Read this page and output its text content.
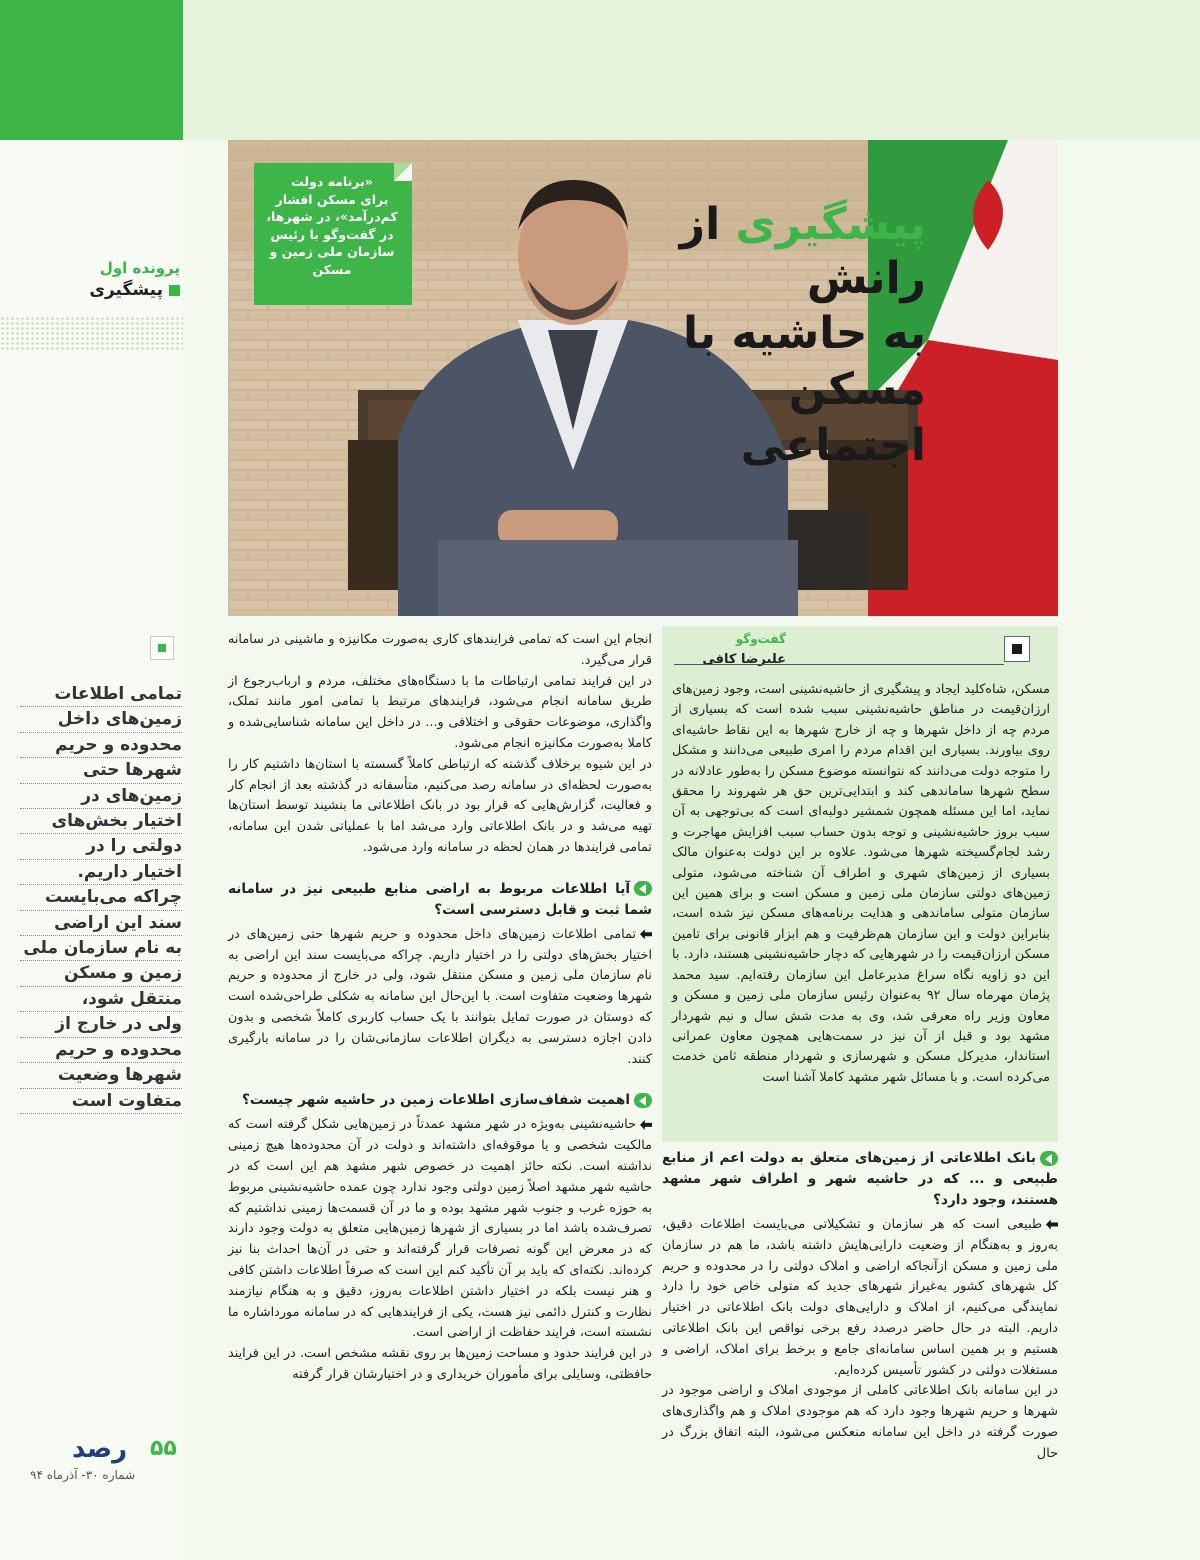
پرونده اول
پیشگیری
تمامی اطلاعات
زمین‌های داخل
محدوده و حریم
شهرها حتی
زمین‌های در
اختیار بخش‌های
دولتی را در
اختیار داریم.
چراکه می‌بایست
سند این اراضی
به نام سازمان ملی
زمین و مسکن
منتقل شود،
ولی در خارج از
محدوده و حریم
شهرها وضعیت
متفاوت است
۵۵
رصد
شماره ۳۰- آذرماه ۹۴
«برنامه دولت
برای مسکن اقشار
کم‌درآمد»، در شهرها،
در گفت‌وگو با رئیس
سازمان ملی زمین و
مسکن
پیشگیری از رانش
به حاشیه با مسکن
اجتماعی
گفت‌وگو
علیرضا کافی
مسکن، شاه‌کلید ایجاد و پیشگیری از حاشیه‌نشینی است، وجود زمین‌های ارزان‌قیمت در مناطق حاشیه‌نشینی سبب شده است که بسیاری از مردم چه از داخل شهرها و چه از خارج شهرها به این نقاط حاشیه‌ای روی بیاورند. بسیاری این اقدام مردم را امری طبیعی می‌دانند و مشکل را متوجه دولت می‌دانند که نتوانسته موضوع مسکن را به‌طور عادلانه در سطح شهرها ساماندهی کند و ابتدایی‌ترین حق هر شهروند را محقق نماید، اما این مسئله همچون شمشیر دولبه‌ای است که بی‌توجهی به آن سبب بروز حاشیه‌نشینی و توجه بدون حساب سبب افزایش مهاجرت و رشد لجام‌گسیخته شهرها می‌شود. علاوه بر این دولت به‌عنوان مالک بسیاری از زمین‌های شهری و اطراف آن شناخته می‌شود، متولی زمین‌های دولتی سازمان ملی زمین و مسکن است و برای همین این سازمان متولی ساماندهی و هدایت برنامه‌های مسکن نیز شده است، بنابراین دولت و این سازمان هم‌ظرفیت و هم ابزار قانونی برای تامین مسکن ارزان‌قیمت را در شهرهایی که دچار حاشیه‌نشینی هستند، دارد. با این دو زاویه نگاه سراغ مدیرعامل این سازمان رفته‌ایم. سید محمد پژمان مهرماه سال ۹۲ به‌عنوان رئیس سازمان ملی زمین و مسکن و معاون وزیر راه معرفی شد، وی به مدت شش سال و نیم شهردار مشهد بود و قبل از آن نیز در سمت‌هایی همچون معاون عمرانی استاندار، مدیرکل مسکن و شهرسازی و شهردار منطقه ثامن خدمت می‌کرده است. و با مسائل شهر مشهد کاملا آشنا است

انجام این است که تمامی فرایندهای کاری به‌صورت مکانیزه و ماشینی در سامانه قرار می‌گیرد.

در این فرایند تمامی ارتباطات ما با دستگاه‌های مختلف، مردم و ارباب‌رجوع از طریق سامانه انجام می‌شود، فرایندهای مرتبط با تمامی امور مانند تملک، واگذاری، موضوعات حقوقی و اختلافی و... در داخل این سامانه شناسایی‌شده و کاملا به‌صورت مکانیزه انجام می‌شود.

در این شیوه برخلاف گذشته که ارتباطی کاملاً گسسته با استان‌ها داشتیم کار را به‌صورت لحظه‌ای در سامانه رصد می‌کنیم، متأسفانه در گذشته بعد از انجام کار و فعالیت، گزارش‌هایی که قرار بود در بانک اطلاعاتی ما بنشیند توسط استان‌ها تهیه می‌شد و در بانک اطلاعاتی وارد می‌شد اما با عملیاتی شدن این سامانه، تمامی فرایندها در همان لحظه در سامانه وارد می‌شود.

آیا اطلاعات مربوط به اراضی منابع طبیعی نیز در سامانه شما ثبت و قابل دسترسی است؟

تمامی اطلاعات زمین‌های داخل محدوده و حریم شهرها حتی زمین‌های در اختیار بخش‌های دولتی را در اختیار داریم. چراکه می‌بایست سند این اراضی به نام سازمان ملی زمین و مسکن منتقل شود، ولی در خارج از محدوده و حریم شهرها وضعیت متفاوت است. با این‌حال این سامانه به شکلی طراحی‌شده است که دوستان در صورت تمایل بتوانند با یک حساب کاربری کاملاً شخصی و بدون دادن اجازه دسترسی به دیگران اطلاعات سازمانی‌شان را در سامانه بارگیری کنند.

اهمیت شفاف‌سازی اطلاعات زمین در حاشیه شهر چیست؟

حاشیه‌نشینی به‌ویژه در شهر مشهد عمدتاً در زمین‌هایی شکل گرفته است که مالکیت شخصی و یا موقوفه‌ای داشته‌اند و دولت در آن محدوده‌ها هیچ زمینی نداشته است. نکته حائز اهمیت در خصوص شهر مشهد هم این است که در حاشیه شهر مشهد اصلاً زمین دولتی وجود ندارد چون عمده حاشیه‌نشینی مربوط به حوزه غرب و جنوب شهر مشهد بوده و ما در آن قسمت‌ها زمینی نداشتیم که تصرف‌شده باشد اما در بسیاری از شهرها زمین‌هایی متعلق به دولت وجود دارند که در معرض این گونه تصرفات قرار گرفته‌اند و حتی در آن‌ها احداث بنا نیز کرده‌اند. نکته‌ای که باید بر آن تأکید کنم این است که صرفاً اطلاعات داشتن کافی و هنر نیست بلکه در اختیار داشتن اطلاعات به‌روز، دقیق و به هنگام نیازمند نظارت و کنترل دائمی نیز هست، یکی از فرایندهایی که در سامانه مورداشاره ما نشسته است، فرایند حفاظت از اراضی است.

در این فرایند حدود و مساحت زمین‌ها بر روی نقشه مشخص است. در این فرایند حافظتی، وسایلی برای مأموران خریداری و در اختیارشان قرار گرفته

بانک اطلاعاتی از زمین‌های متعلق به دولت اعم از منابع طبیعی و ... که در حاشیه شهر و اطراف شهر مشهد هستند، وجود دارد؟

طبیعی است که هر سازمان و تشکیلاتی می‌بایست اطلاعات دقیق، به‌روز و به‌هنگام از وضعیت دارایی‌هایش داشته باشد، ما هم در سازمان ملی زمین و مسکن ازآنجاکه اراضی و املاک دولتی را در محدوده و حریم کل شهرهای کشور به‌غیراز شهرهای جدید که متولی خاص خود را دارد نمایندگی می‌کنیم، از املاک و دارایی‌های دولت بانک اطلاعاتی در اختیار داریم. البته در حال حاضر درصدد رفع برخی نواقص این بانک اطلاعاتی هستیم و بر همین اساس سامانه‌ای جامع و برخط برای املاک، اراضی و مستغلات دولتی در کشور تأسیس کرده‌ایم.

در این سامانه بانک اطلاعاتی کاملی از موجودی املاک و اراضی موجود در شهرها و حریم شهرها وجود دارد که هم موجودی املاک و هم واگذاری‌های صورت گرفته در داخل این سامانه منعکس می‌شود، البته اتفاق بزرگ در حال
